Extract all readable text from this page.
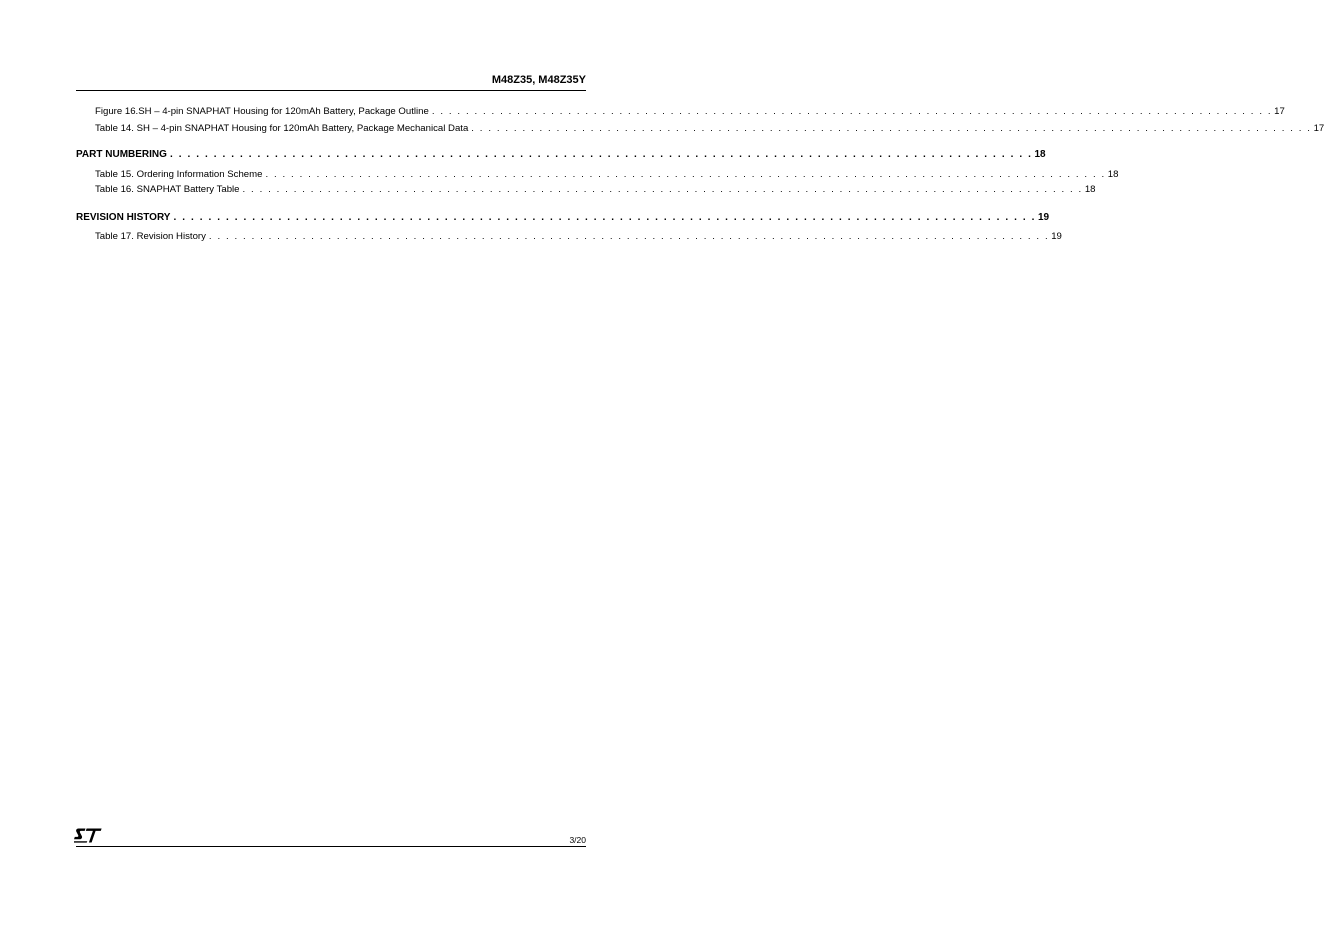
M48Z35, M48Z35Y
Figure 16.SH – 4-pin SNAPHAT Housing for 120mAh Battery, Package Outline . . . . . . . . . . . . . . . . . . . . . . . . . . . . . . . . . . . . . . . . . . . . . . . . . . . . . . . . . . . . . . . . . . . . . . . . . . . . . . . . . . . . . . . . . . . . . . . . . . . 17
Table 14. SH – 4-pin SNAPHAT Housing for 120mAh Battery, Package Mechanical Data . . . . . . . . . . . . . . . . . . . . . . . . . . . . . . . . . . . . . . . . . . . . . . . . . . . . . . . . . . . . . . . . . . . . . . . . . . . . . . . . . . . . . . . . . . . . . . . . . . . 17
PART NUMBERING . . . . . . . . . . . . . . . . . . . . . . . . . . . . . . . . . . . . . . . . . . . . . . . . . . . . . . . . . . . . . . . . . . . . . . . . . . . . . . . . . . . . . . . . . . . . . . . . . . . 18
Table 15. Ordering Information Scheme . . . . . . . . . . . . . . . . . . . . . . . . . . . . . . . . . . . . . . . . . . . . . . . . . . . . . . . . . . . . . . . . . . . . . . . . . . . . . . . . . . . . . . . . . . . . . . . . . . . 18
Table 16. SNAPHAT Battery Table . . . . . . . . . . . . . . . . . . . . . . . . . . . . . . . . . . . . . . . . . . . . . . . . . . . . . . . . . . . . . . . . . . . . . . . . . . . . . . . . . . . . . . . . . . . . . . . . . . . 18
REVISION HISTORY . . . . . . . . . . . . . . . . . . . . . . . . . . . . . . . . . . . . . . . . . . . . . . . . . . . . . . . . . . . . . . . . . . . . . . . . . . . . . . . . . . . . . . . . . . . . . . . . . . . 19
Table 17. Revision History . . . . . . . . . . . . . . . . . . . . . . . . . . . . . . . . . . . . . . . . . . . . . . . . . . . . . . . . . . . . . . . . . . . . . . . . . . . . . . . . . . . . . . . . . . . . . . . . . . . 19
3/20
